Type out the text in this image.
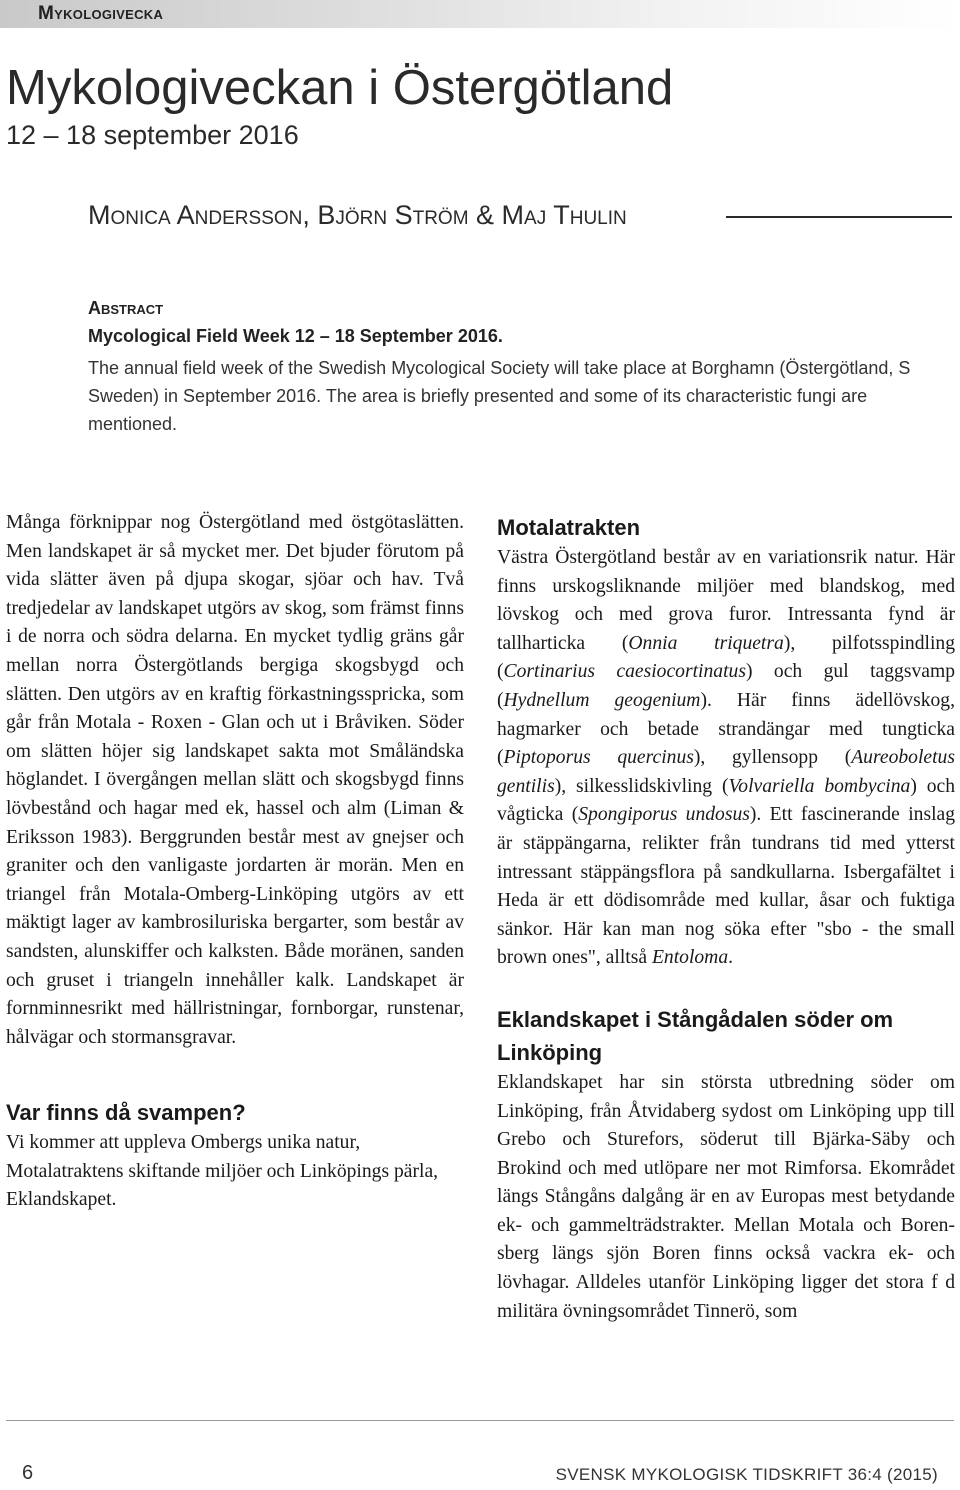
Mykologivecka
Mykologiveckan i Östergötland
12 – 18 september 2016
Monica Andersson, Björn Ström & Maj Thulin
Abstract
Mycological Field Week 12 – 18 September 2016.
The annual field week of the Swedish Mycological Society will take place at Borghamn (Östergötland, S Sweden) in September 2016. The area is briefly presented and some of its characteristic fungi are mentioned.

Många förknippar nog Östergötland med östgötaslätten. Men landskapet är så mycket mer. Det bjuder förutom på vida slätter även på djupa skogar, sjöar och hav. Två tredjedelar av landskapet utgörs av skog, som främst finns i de norra och södra delarna. En mycket tydlig gräns går mellan norra Östergötlands bergiga skogsbygd och slätten. Den utgörs av en kraftig förkastningsspricka, som går från Motala - Roxen - Glan och ut i Bråviken. Söder om slätten höjer sig landskapet sakta mot Småländska höglandet. I övergången mellan slätt och skogsbygd finns lövbestånd och hagar med ek, hassel och alm (Liman & Eriksson 1983). Berggrunden består mest av gnejser och graniter och den vanligaste jordarten är morän. Men en triangel från Motala-Omberg-Linköping utgörs av ett mäktigt lager av kambrosiluriska bergarter, som består av sandsten, alunskiffer och kalksten. Både moränen, sanden och gruset i triangeln innehåller kalk. Landskapet är fornminnesrikt med hällristningar, fornborgar, runstenar, hålvägar och stormansgravar.

Var finns då svampen?

Vi kommer att uppleva Ombergs unika natur, Motalatraktens skiftande miljöer och Linköpings pärla, Eklandskapet.

Motalatrakten

Västra Östergötland består av en variationsrik natur. Här finns urskogsliknande miljöer med blandskog, med lövskog och med grova furor. Intressanta fynd är tallharticka (Onnia triquetra), pilfotsspindling (Cortinarius caesiocortinatus) och gul taggsvamp (Hydnellum geogenium). Här finns ädellövskog, hagmarker och betade strandängar med tungticka (Piptoporus quercinus), gyllensopp (Aureoboletus gentilis), silkesslidskivling (Volvariella bombycina) och vågticka (Spongiporus undosus). Ett fascinerande inslag är stäppängarna, relikter från tundrans tid med ytterst intressant stäppängsflora på sandkullarna. Isbergafältet i Heda är ett dödisområde med kullar, åsar och fuktiga sänkor. Här kan man nog söka efter "sbo - the small brown ones", alltså Entoloma.

Eklandskapet i Stångådalen söder om Linköping

Eklandskapet har sin största utbredning söder om Linköping, från Åtvidaberg sydost om Linköping upp till Grebo och Sturefors, söderut till Bjärka-Säby och Brokind och med utlöpare ner mot Rimforsa. Ekområdet längs Stångåns dalgång är en av Europas mest betydande ek- och gammelträdstrakter. Mellan Motala och Borensberg längs sjön Boren finns också vackra ek- och lövhagar. Alldeles utanför Linköping ligger det stora f d militära övningsområdet Tinnerö, som

6	SVENSK MYKOLOGISK TIDSKRIFT 36:4 (2015)
